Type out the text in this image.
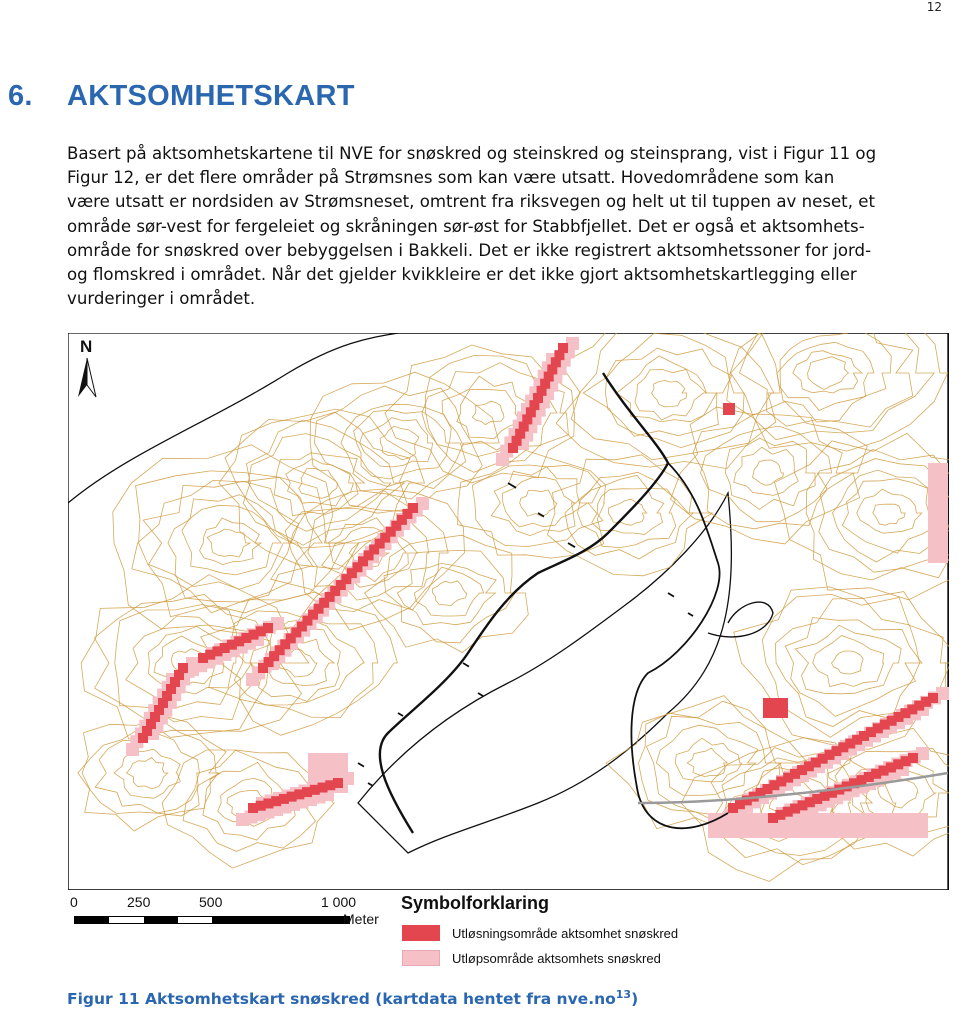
12
6. AKTSOMHETSKART
Basert på aktsomhetskartene til NVE for snøskred og steinskred og steinsprang, vist i Figur 11 og
Figur 12, er det flere områder på Strømsnes som kan være utsatt. Hovedområdene som kan
være utsatt er nordsiden av Strømsneset, omtrent fra riksvegen og helt ut til tuppen av neset, et
område sør-vest for fergeleiet og skråningen sør-øst for Stabbfjellet. Det er også et aktsomhets-
område for snøskred over bebyggelsen i Bakkeli. Det er ikke registrert aktsomhetssoner for jord-
og flomskred i området. Når det gjelder kvikkleire er det ikke gjort aktsomhetskartlegging eller
vurderinger i området.
N
0	250	500	1 000
Meter
Symbolforklaring
Utløsningsområde aktsomhet snøskred
Utløpsområde aktsomhets snøskred
Figur 11 Aktsomhetskart snøskred (kartdata hentet fra $nve.no^{13}$)
